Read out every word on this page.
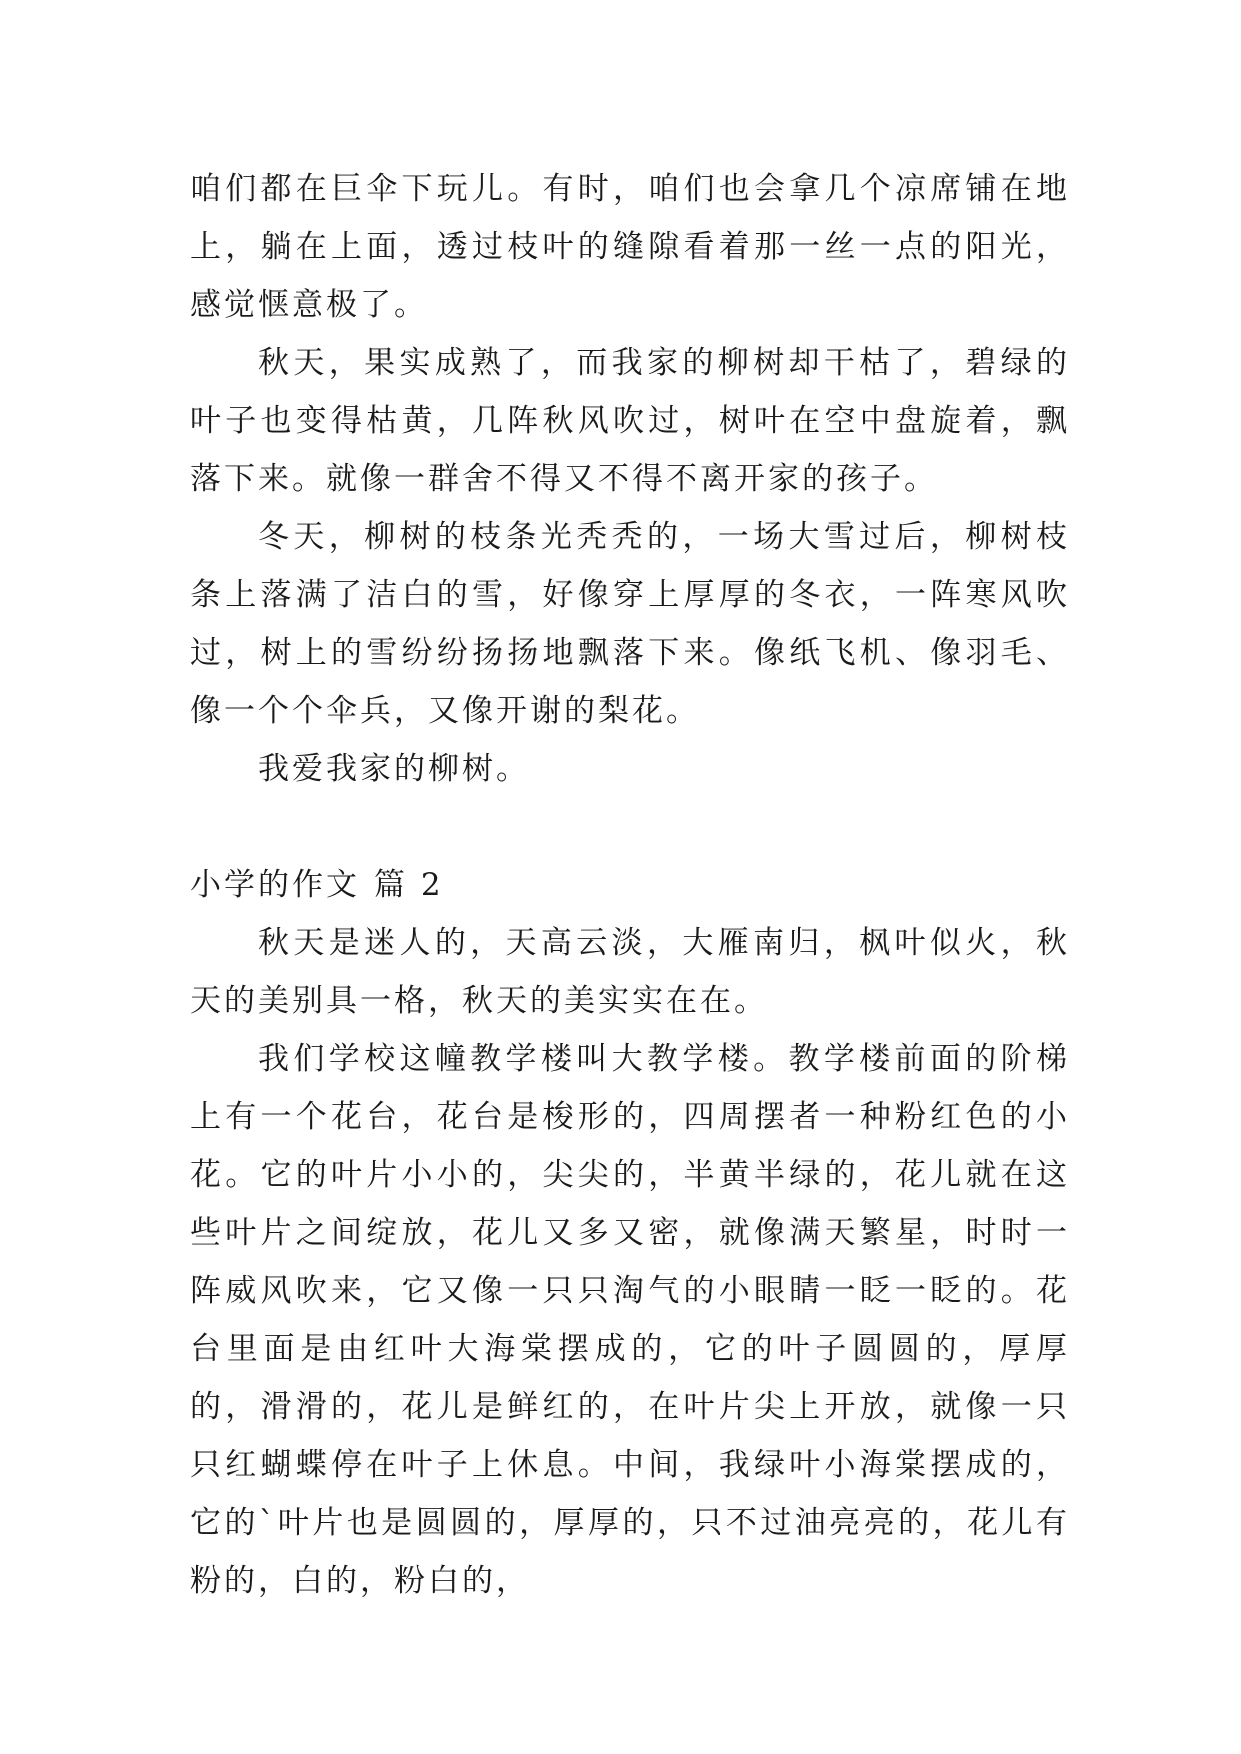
咱们都在巨伞下玩儿。有时，咱们也会拿几个凉席铺在地上，躺在上面，透过枝叶的缝隙看着那一丝一点的阳光，感觉惬意极了。

秋天，果实成熟了，而我家的柳树却干枯了，碧绿的叶子也变得枯黄，几阵秋风吹过，树叶在空中盘旋着，飘落下来。就像一群舍不得又不得不离开家的孩子。

冬天，柳树的枝条光秃秃的，一场大雪过后，柳树枝条上落满了洁白的雪，好像穿上厚厚的冬衣，一阵寒风吹过，树上的雪纷纷扬扬地飘落下来。像纸飞机、像羽毛、像一个个伞兵，又像开谢的梨花。

我爱我家的柳树。

小学的作文 篇 2

秋天是迷人的，天高云淡，大雁南归，枫叶似火，秋天的美别具一格，秋天的美实实在在。

我们学校这幢教学楼叫大教学楼。教学楼前面的阶梯上有一个花台，花台是梭形的，四周摆者一种粉红色的小花。它的叶片小小的，尖尖的，半黄半绿的，花儿就在这些叶片之间绽放，花儿又多又密，就像满天繁星，时时一阵威风吹来，它又像一只只淘气的小眼睛一眨一眨的。花台里面是由红叶大海棠摆成的，它的叶子圆圆的，厚厚的，滑滑的，花儿是鲜红的，在叶片尖上开放，就像一只只红蝴蝶停在叶子上休息。中间，我绿叶小海棠摆成的，它的`叶片也是圆圆的，厚厚的，只不过油亮亮的，花儿有粉的，白的，粉白的，
